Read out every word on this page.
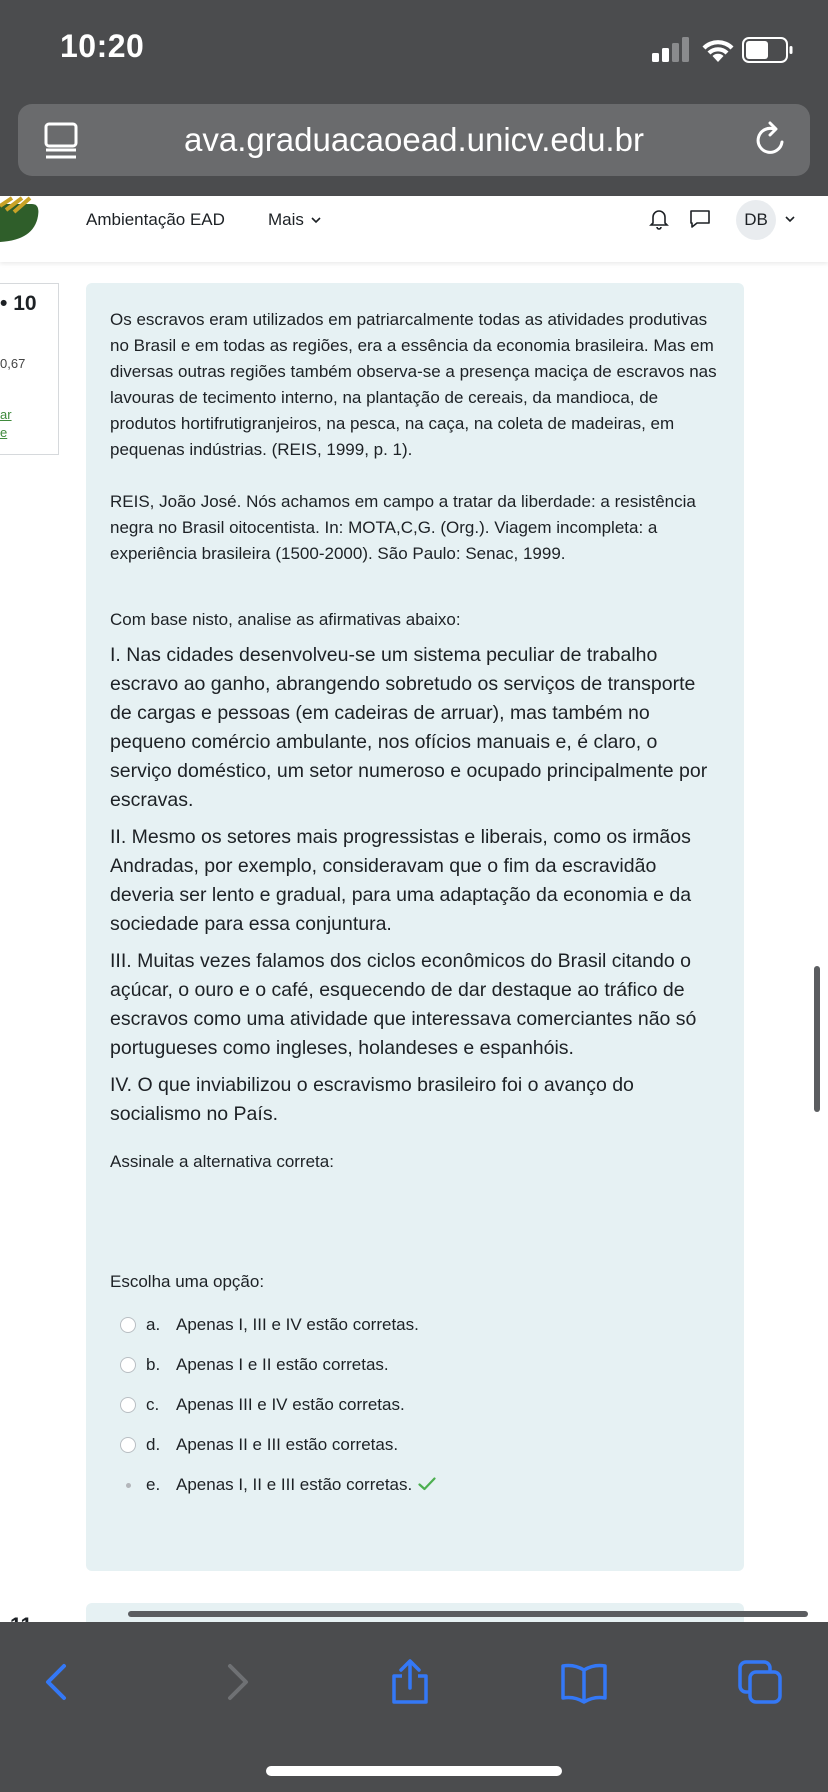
10:20
ava.graduacaoead.unicv.edu.br
Ambientação EAD	Mais	DB
• 10
0,67
ar
e

Os escravos eram utilizados em patriarcalmente todas as atividades produtivas no Brasil e em todas as regiões, era a essência da economia brasileira. Mas em diversas outras regiões também observa-se a presença maciça de escravos nas lavouras de tecimento interno, na plantação de cereais, da mandioca, de produtos hortifrutigranjeiros, na pesca, na caça, na coleta de madeiras, em pequenas indústrias. (REIS, 1999, p. 1).

REIS, João José. Nós achamos em campo a tratar da liberdade: a resistência negra no Brasil oitocentista. In: MOTA,C,G. (Org.). Viagem incompleta: a experiência brasileira (1500-2000). São Paulo: Senac, 1999.

Com base nisto, analise as afirmativas abaixo:

I. Nas cidades desenvolveu-se um sistema peculiar de trabalho escravo ao ganho, abrangendo sobretudo os serviços de transporte de cargas e pessoas (em cadeiras de arruar), mas também no pequeno comércio ambulante, nos ofícios manuais e, é claro, o serviço doméstico, um setor numeroso e ocupado principalmente por escravas.

II. Mesmo os setores mais progressistas e liberais, como os irmãos Andradas, por exemplo, consideravam que o fim da escravidão deveria ser lento e gradual, para uma adaptação da economia e da sociedade para essa conjuntura.

III. Muitas vezes falamos dos ciclos econômicos do Brasil citando o açúcar, o ouro e o café, esquecendo de dar destaque ao tráfico de escravos como uma atividade que interessava comerciantes não só portugueses como ingleses, holandeses e espanhóis.

IV. O que inviabilizou o escravismo brasileiro foi o avanço do socialismo no País.

Assinale a alternativa correta:

Escolha uma opção:

a. Apenas I, III e IV estão corretas.
b. Apenas I e II estão corretas.
c. Apenas III e IV estão corretas.
d. Apenas II e III estão corretas.
e. Apenas I, II e III estão corretas.
